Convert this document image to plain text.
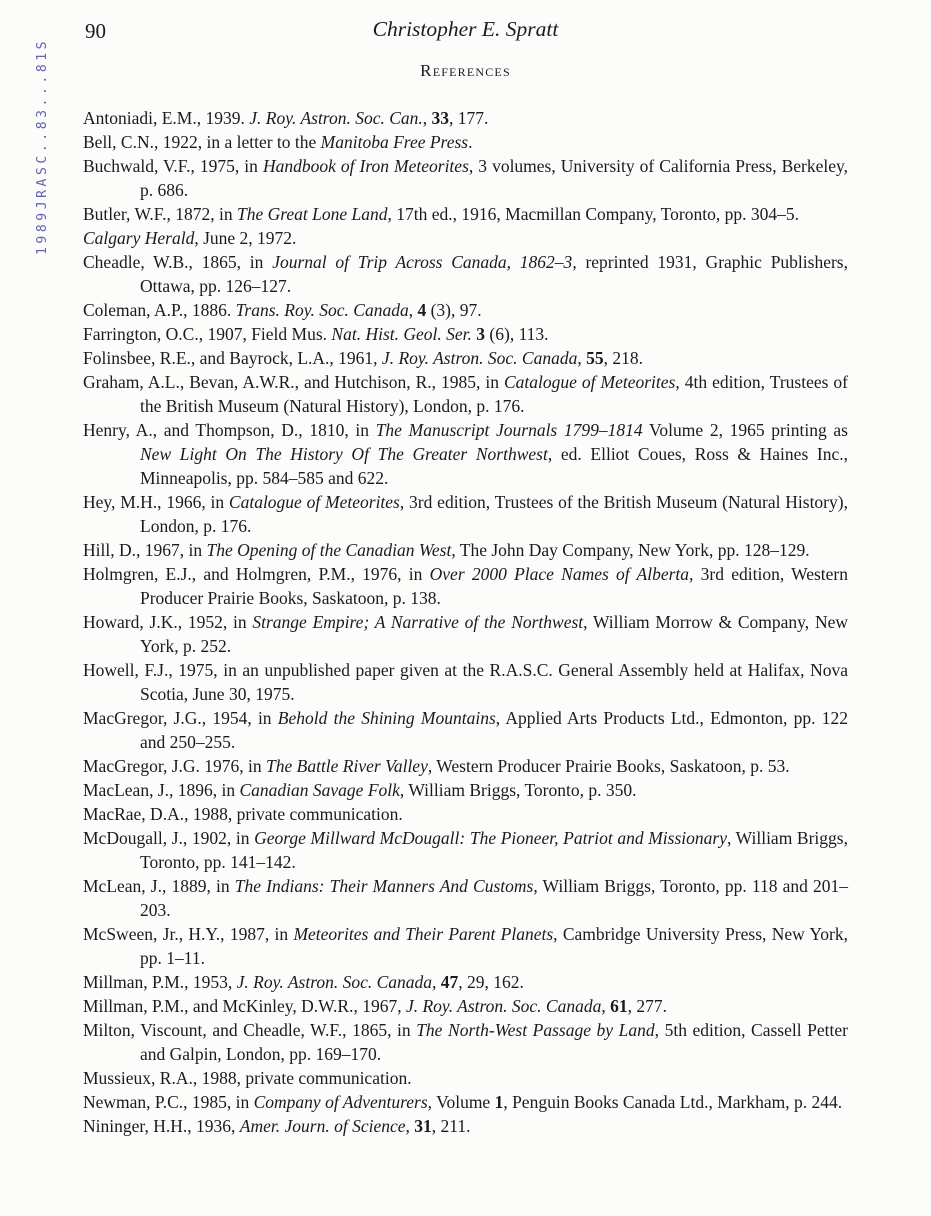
1989JRASC..83...81S
90	Christopher E. Spratt
References

Antoniadi, E.M., 1939. J. Roy. Astron. Soc. Can., 33, 177.

Bell, C.N., 1922, in a letter to the Manitoba Free Press.

Buchwald, V.F., 1975, in Handbook of Iron Meteorites, 3 volumes, University of California Press, Berkeley, p. 686.

Butler, W.F., 1872, in The Great Lone Land, 17th ed., 1916, Macmillan Company, Toronto, pp. 304–5.

Calgary Herald, June 2, 1972.

Cheadle, W.B., 1865, in Journal of Trip Across Canada, 1862–3, reprinted 1931, Graphic Publishers, Ottawa, pp. 126–127.

Coleman, A.P., 1886. Trans. Roy. Soc. Canada, 4 (3), 97.

Farrington, O.C., 1907, Field Mus. Nat. Hist. Geol. Ser. 3 (6), 113.

Folinsbee, R.E., and Bayrock, L.A., 1961, J. Roy. Astron. Soc. Canada, 55, 218.

Graham, A.L., Bevan, A.W.R., and Hutchison, R., 1985, in Catalogue of Meteorites, 4th edition, Trustees of the British Museum (Natural History), London, p. 176.

Henry, A., and Thompson, D., 1810, in The Manuscript Journals 1799–1814 Volume 2, 1965 printing as New Light On The History Of The Greater Northwest, ed. Elliot Coues, Ross & Haines Inc., Minneapolis, pp. 584–585 and 622.

Hey, M.H., 1966, in Catalogue of Meteorites, 3rd edition, Trustees of the British Museum (Natural History), London, p. 176.

Hill, D., 1967, in The Opening of the Canadian West, The John Day Company, New York, pp. 128–129.

Holmgren, E.J., and Holmgren, P.M., 1976, in Over 2000 Place Names of Alberta, 3rd edition, Western Producer Prairie Books, Saskatoon, p. 138.

Howard, J.K., 1952, in Strange Empire; A Narrative of the Northwest, William Morrow & Company, New York, p. 252.

Howell, F.J., 1975, in an unpublished paper given at the R.A.S.C. General Assembly held at Halifax, Nova Scotia, June 30, 1975.

MacGregor, J.G., 1954, in Behold the Shining Mountains, Applied Arts Products Ltd., Edmonton, pp. 122 and 250–255.

MacGregor, J.G. 1976, in The Battle River Valley, Western Producer Prairie Books, Saskatoon, p. 53.

MacLean, J., 1896, in Canadian Savage Folk, William Briggs, Toronto, p. 350.

MacRae, D.A., 1988, private communication.

McDougall, J., 1902, in George Millward McDougall: The Pioneer, Patriot and Missionary, William Briggs, Toronto, pp. 141–142.

McLean, J., 1889, in The Indians: Their Manners And Customs, William Briggs, Toronto, pp. 118 and 201–203.

McSween, Jr., H.Y., 1987, in Meteorites and Their Parent Planets, Cambridge University Press, New York, pp. 1–11.

Millman, P.M., 1953, J. Roy. Astron. Soc. Canada, 47, 29, 162.

Millman, P.M., and McKinley, D.W.R., 1967, J. Roy. Astron. Soc. Canada, 61, 277.

Milton, Viscount, and Cheadle, W.F., 1865, in The North-West Passage by Land, 5th edition, Cassell Petter and Galpin, London, pp. 169–170.

Mussieux, R.A., 1988, private communication.

Newman, P.C., 1985, in Company of Adventurers, Volume 1, Penguin Books Canada Ltd., Markham, p. 244.

Nininger, H.H., 1936, Amer. Journ. of Science, 31, 211.
